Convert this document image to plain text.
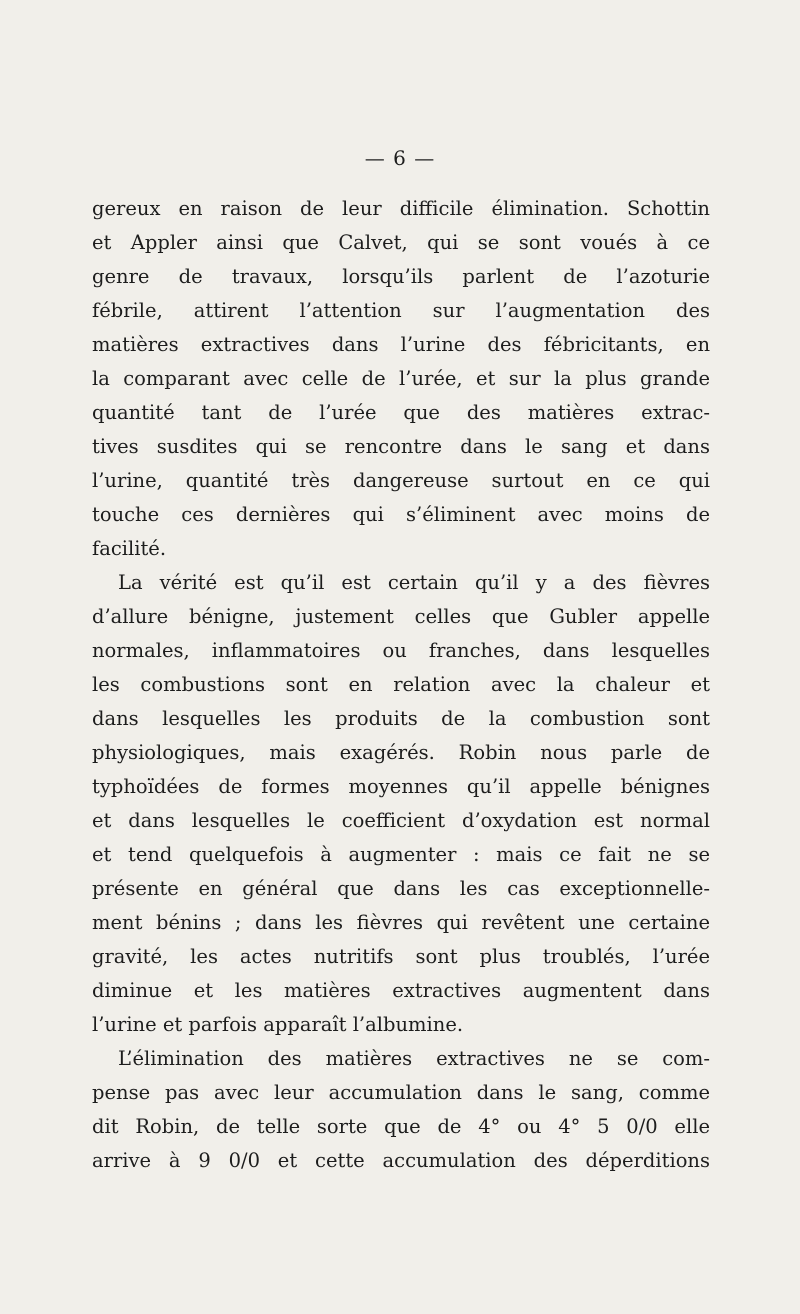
— 6 —
gereux en raison de leur difficile élimination. Schottin
et Appler ainsi que Calvet, qui se sont voués à ce
genre de travaux, lorsqu’ils parlent de l’azoturie
fébrile, attirent l’attention sur l’augmentation des
matières extractives dans l’urine des fébricitants, en
la comparant avec celle de l’urée, et sur la plus grande
quantité tant de l’urée que des matières extrac-
tives susdites qui se rencontre dans le sang et dans
l’urine, quantité très dangereuse surtout en ce qui
touche ces dernières qui s’éliminent avec moins de
facilité.
La vérité est qu’il est certain qu’il y a des fièvres
d’allure bénigne, justement celles que Gubler appelle
normales, inflammatoires ou franches, dans lesquelles
les combustions sont en relation avec la chaleur et
dans lesquelles les produits de la combustion sont
physiologiques, mais exagérés. Robin nous parle de
typhoïdées de formes moyennes qu’il appelle bénignes
et dans lesquelles le coefficient d’oxydation est normal
et tend quelquefois à augmenter : mais ce fait ne se
présente en général que dans les cas exceptionnelle-
ment bénins ; dans les fièvres qui revêtent une certaine
gravité, les actes nutritifs sont plus troublés, l’urée
diminue et les matières extractives augmentent dans
l’urine et parfois apparaît l’albumine.
L’élimination des matières extractives ne se com-
pense pas avec leur accumulation dans le sang, comme
dit Robin, de telle sorte que de 4° ou 4° 5 0/0 elle
arrive à 9 0/0 et cette accumulation des déperditions
